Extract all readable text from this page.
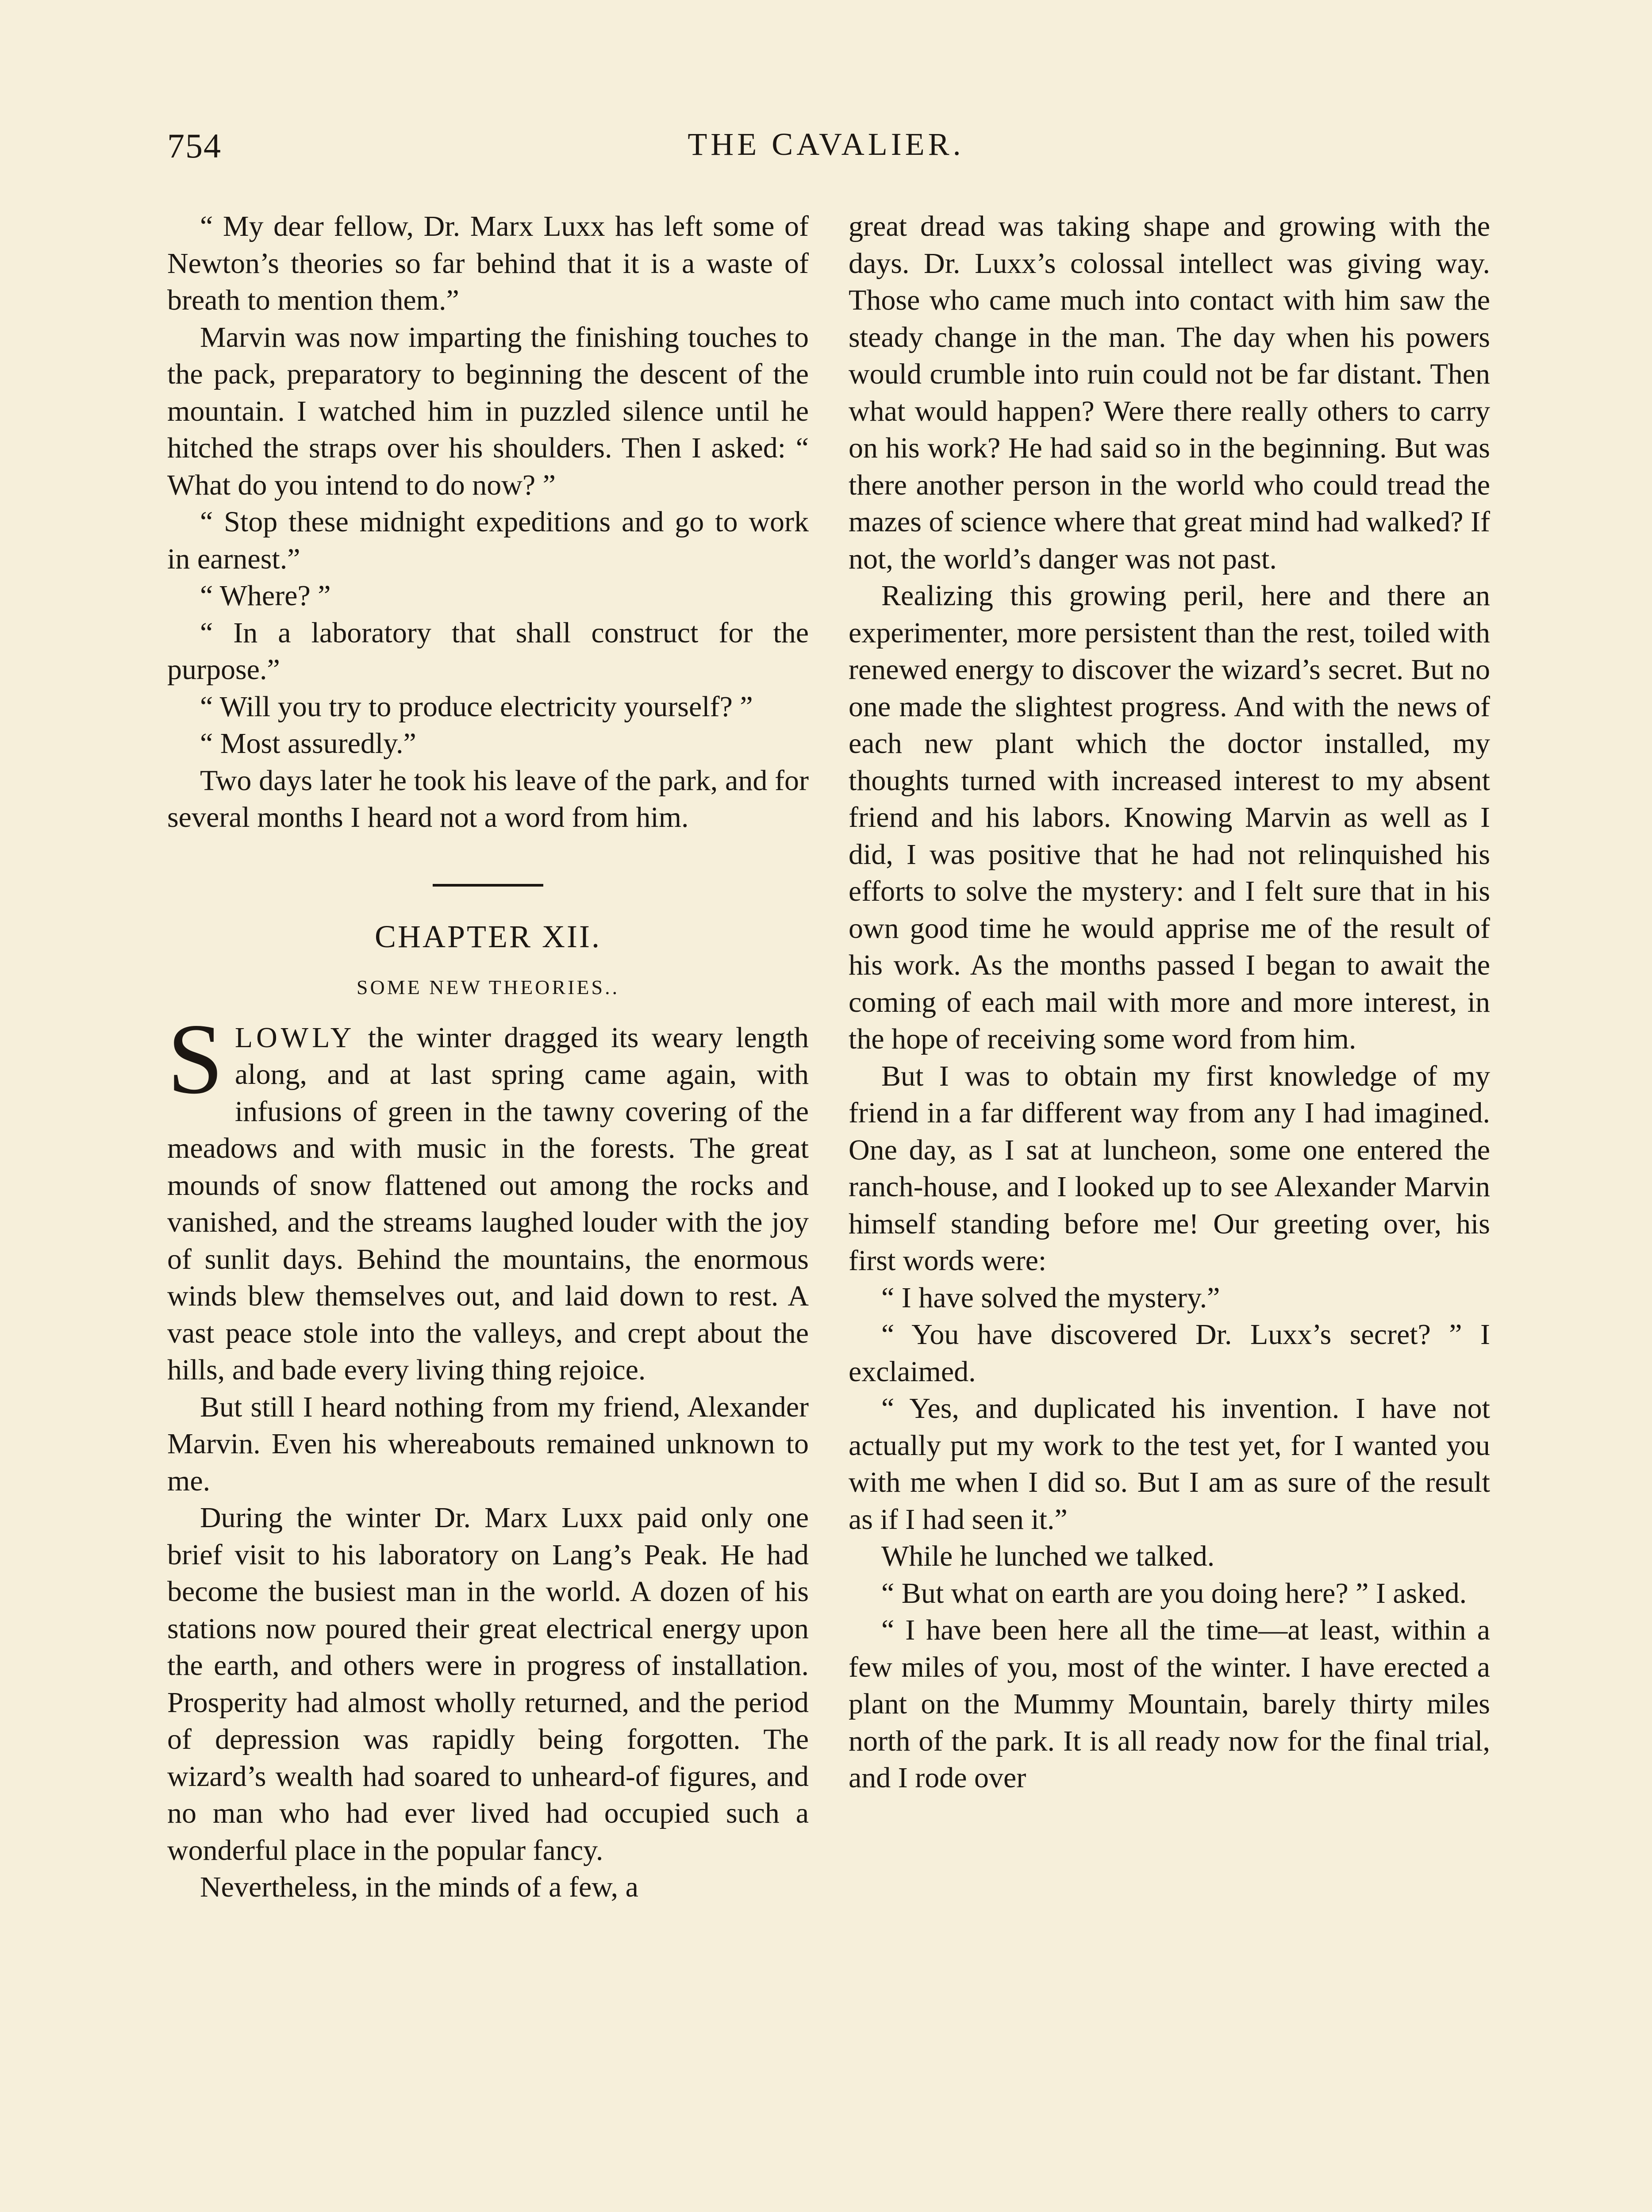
754	THE CAVALIER.

“ My dear fellow, Dr. Marx Luxx has left some of Newton’s theories so far behind that it is a waste of breath to mention them.”

Marvin was now imparting the finishing touches to the pack, preparatory to beginning the descent of the mountain. I watched him in puzzled silence until he hitched the straps over his shoulders. Then I asked: “ What do you intend to do now? ”

“ Stop these midnight expeditions and go to work in earnest.”

“ Where? ”

“ In a laboratory that shall construct for the purpose.”

“ Will you try to produce electricity yourself? ”

“ Most assuredly.”

Two days later he took his leave of the park, and for several months I heard not a word from him.

CHAPTER XII.
SOME NEW THEORIES..

SLOWLY the winter dragged its weary length along, and at last spring came again, with infusions of green in the tawny covering of the meadows and with music in the forests. The great mounds of snow flattened out among the rocks and vanished, and the streams laughed louder with the joy of sunlit days. Behind the mountains, the enormous winds blew themselves out, and laid down to rest. A vast peace stole into the valleys, and crept about the hills, and bade every living thing rejoice.

But still I heard nothing from my friend, Alexander Marvin. Even his whereabouts remained unknown to me.

During the winter Dr. Marx Luxx paid only one brief visit to his laboratory on Lang’s Peak. He had become the busiest man in the world. A dozen of his stations now poured their great electrical energy upon the earth, and others were in progress of installation. Prosperity had almost wholly returned, and the period of depression was rapidly being forgotten. The wizard’s wealth had soared to unheard-of figures, and no man who had ever lived had occupied such a wonderful place in the popular fancy.

Nevertheless, in the minds of a few, a

great dread was taking shape and growing with the days. Dr. Luxx’s colossal intellect was giving way. Those who came much into contact with him saw the steady change in the man. The day when his powers would crumble into ruin could not be far distant. Then what would happen? Were there really others to carry on his work? He had said so in the beginning. But was there another person in the world who could tread the mazes of science where that great mind had walked? If not, the world’s danger was not past.

Realizing this growing peril, here and there an experimenter, more persistent than the rest, toiled with renewed energy to discover the wizard’s secret. But no one made the slightest progress. And with the news of each new plant which the doctor installed, my thoughts turned with increased interest to my absent friend and his labors. Knowing Marvin as well as I did, I was positive that he had not relinquished his efforts to solve the mystery: and I felt sure that in his own good time he would apprise me of the result of his work. As the months passed I began to await the coming of each mail with more and more interest, in the hope of receiving some word from him.

But I was to obtain my first knowledge of my friend in a far different way from any I had imagined. One day, as I sat at luncheon, some one entered the ranch-house, and I looked up to see Alexander Marvin himself standing before me! Our greeting over, his first words were:

“ I have solved the mystery.”

“ You have discovered Dr. Luxx’s secret? ” I exclaimed.

“ Yes, and duplicated his invention. I have not actually put my work to the test yet, for I wanted you with me when I did so. But I am as sure of the result as if I had seen it.”

While he lunched we talked.

“ But what on earth are you doing here? ” I asked.

“ I have been here all the time—at least, within a few miles of you, most of the winter. I have erected a plant on the Mummy Mountain, barely thirty miles north of the park. It is all ready now for the final trial, and I rode over
